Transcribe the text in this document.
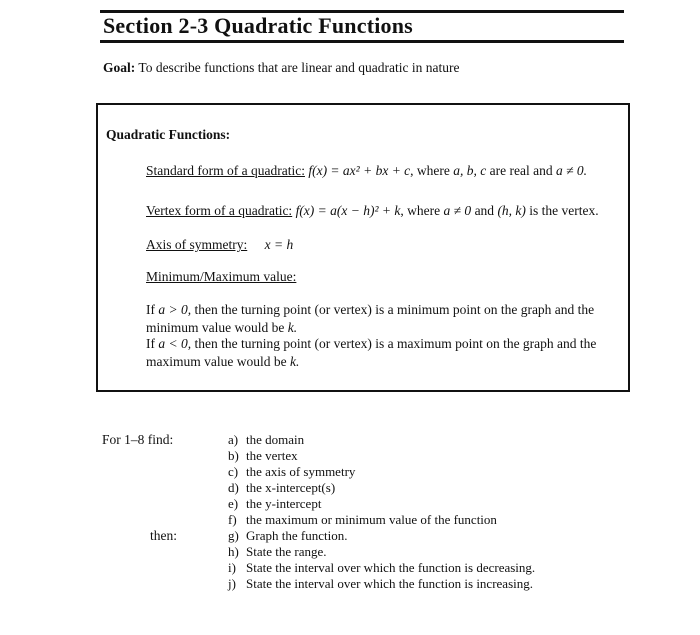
Section 2-3 Quadratic Functions
Goal: To describe functions that are linear and quadratic in nature
Quadratic Functions:
Standard form of a quadratic: f(x) = ax² + bx + c, where a, b, c are real and a ≠ 0.
Vertex form of a quadratic: f(x) = a(x − h)² + k, where a ≠ 0 and (h, k) is the vertex.
Axis of symmetry: x = h
Minimum/Maximum value:
If a > 0, then the turning point (or vertex) is a minimum point on the graph and the minimum value would be k.
If a < 0, then the turning point (or vertex) is a maximum point on the graph and the maximum value would be k.
For 1–8 find:
then:
a) the domain
b) the vertex
c) the axis of symmetry
d) the x-intercept(s)
e) the y-intercept
f) the maximum or minimum value of the function
g) Graph the function.
h) State the range.
i) State the interval over which the function is decreasing.
j) State the interval over which the function is increasing.
